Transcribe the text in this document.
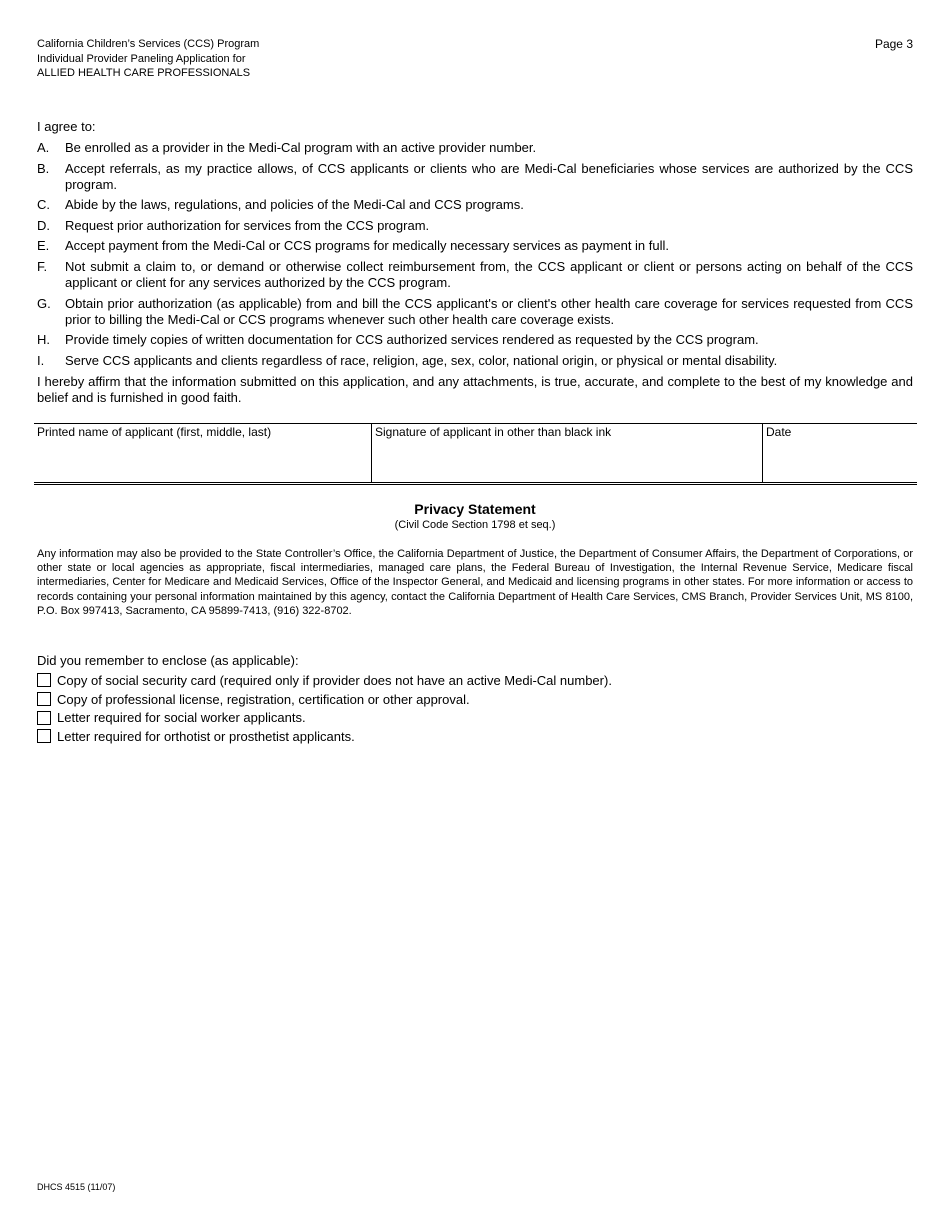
California Children’s Services (CCS) Program
Individual Provider Paneling Application for
ALLIED HEALTH CARE PROFESSIONALS
Page 3
I agree to:
A.	Be enrolled as a provider in the Medi-Cal program with an active provider number.
B.	Accept referrals, as my practice allows, of CCS applicants or clients who are Medi-Cal beneficiaries whose services are authorized by the CCS program.
C.	Abide by the laws, regulations, and policies of the Medi-Cal and CCS programs.
D.	Request prior authorization for services from the CCS program.
E.	Accept payment from the Medi-Cal or CCS programs for medically necessary services as payment in full.
F.	Not submit a claim to, or demand or otherwise collect reimbursement from, the CCS applicant or client or persons acting on behalf of the CCS applicant or client for any services authorized by the CCS program.
G.	Obtain prior authorization (as applicable) from and bill the CCS applicant's or client's other health care coverage for services requested from CCS prior to billing the Medi-Cal or CCS programs whenever such other health care coverage exists.
H.	Provide timely copies of written documentation for CCS authorized services rendered as requested by the CCS program.
I.	Serve CCS applicants and clients regardless of race, religion, age, sex, color, national origin, or physical or mental disability.
I hereby affirm that the information submitted on this application, and any attachments, is true, accurate, and complete to the best of my knowledge and belief and is furnished in good faith.
Printed name of applicant (first, middle, last)	Signature of applicant in other than black ink	Date
Privacy Statement
(Civil Code Section 1798 et seq.)
Any information may also be provided to the State Controller’s Office, the California Department of Justice, the Department of Consumer Affairs, the Department of Corporations, or other state or local agencies as appropriate, fiscal intermediaries, managed care plans, the Federal Bureau of Investigation, the Internal Revenue Service, Medicare fiscal intermediaries, Center for Medicare and Medicaid Services, Office of the Inspector General, and Medicaid and licensing programs in other states. For more information or access to records containing your personal information maintained by this agency, contact the California Department of Health Care Services, CMS Branch, Provider Services Unit, MS 8100, P.O. Box 997413, Sacramento, CA 95899-7413, (916) 322-8702.
Did you remember to enclose (as applicable):
Copy of social security card (required only if provider does not have an active Medi-Cal number).
Copy of professional license, registration, certification or other approval.
Letter required for social worker applicants.
Letter required for orthotist or prosthetist applicants.
DHCS 4515 (11/07)
